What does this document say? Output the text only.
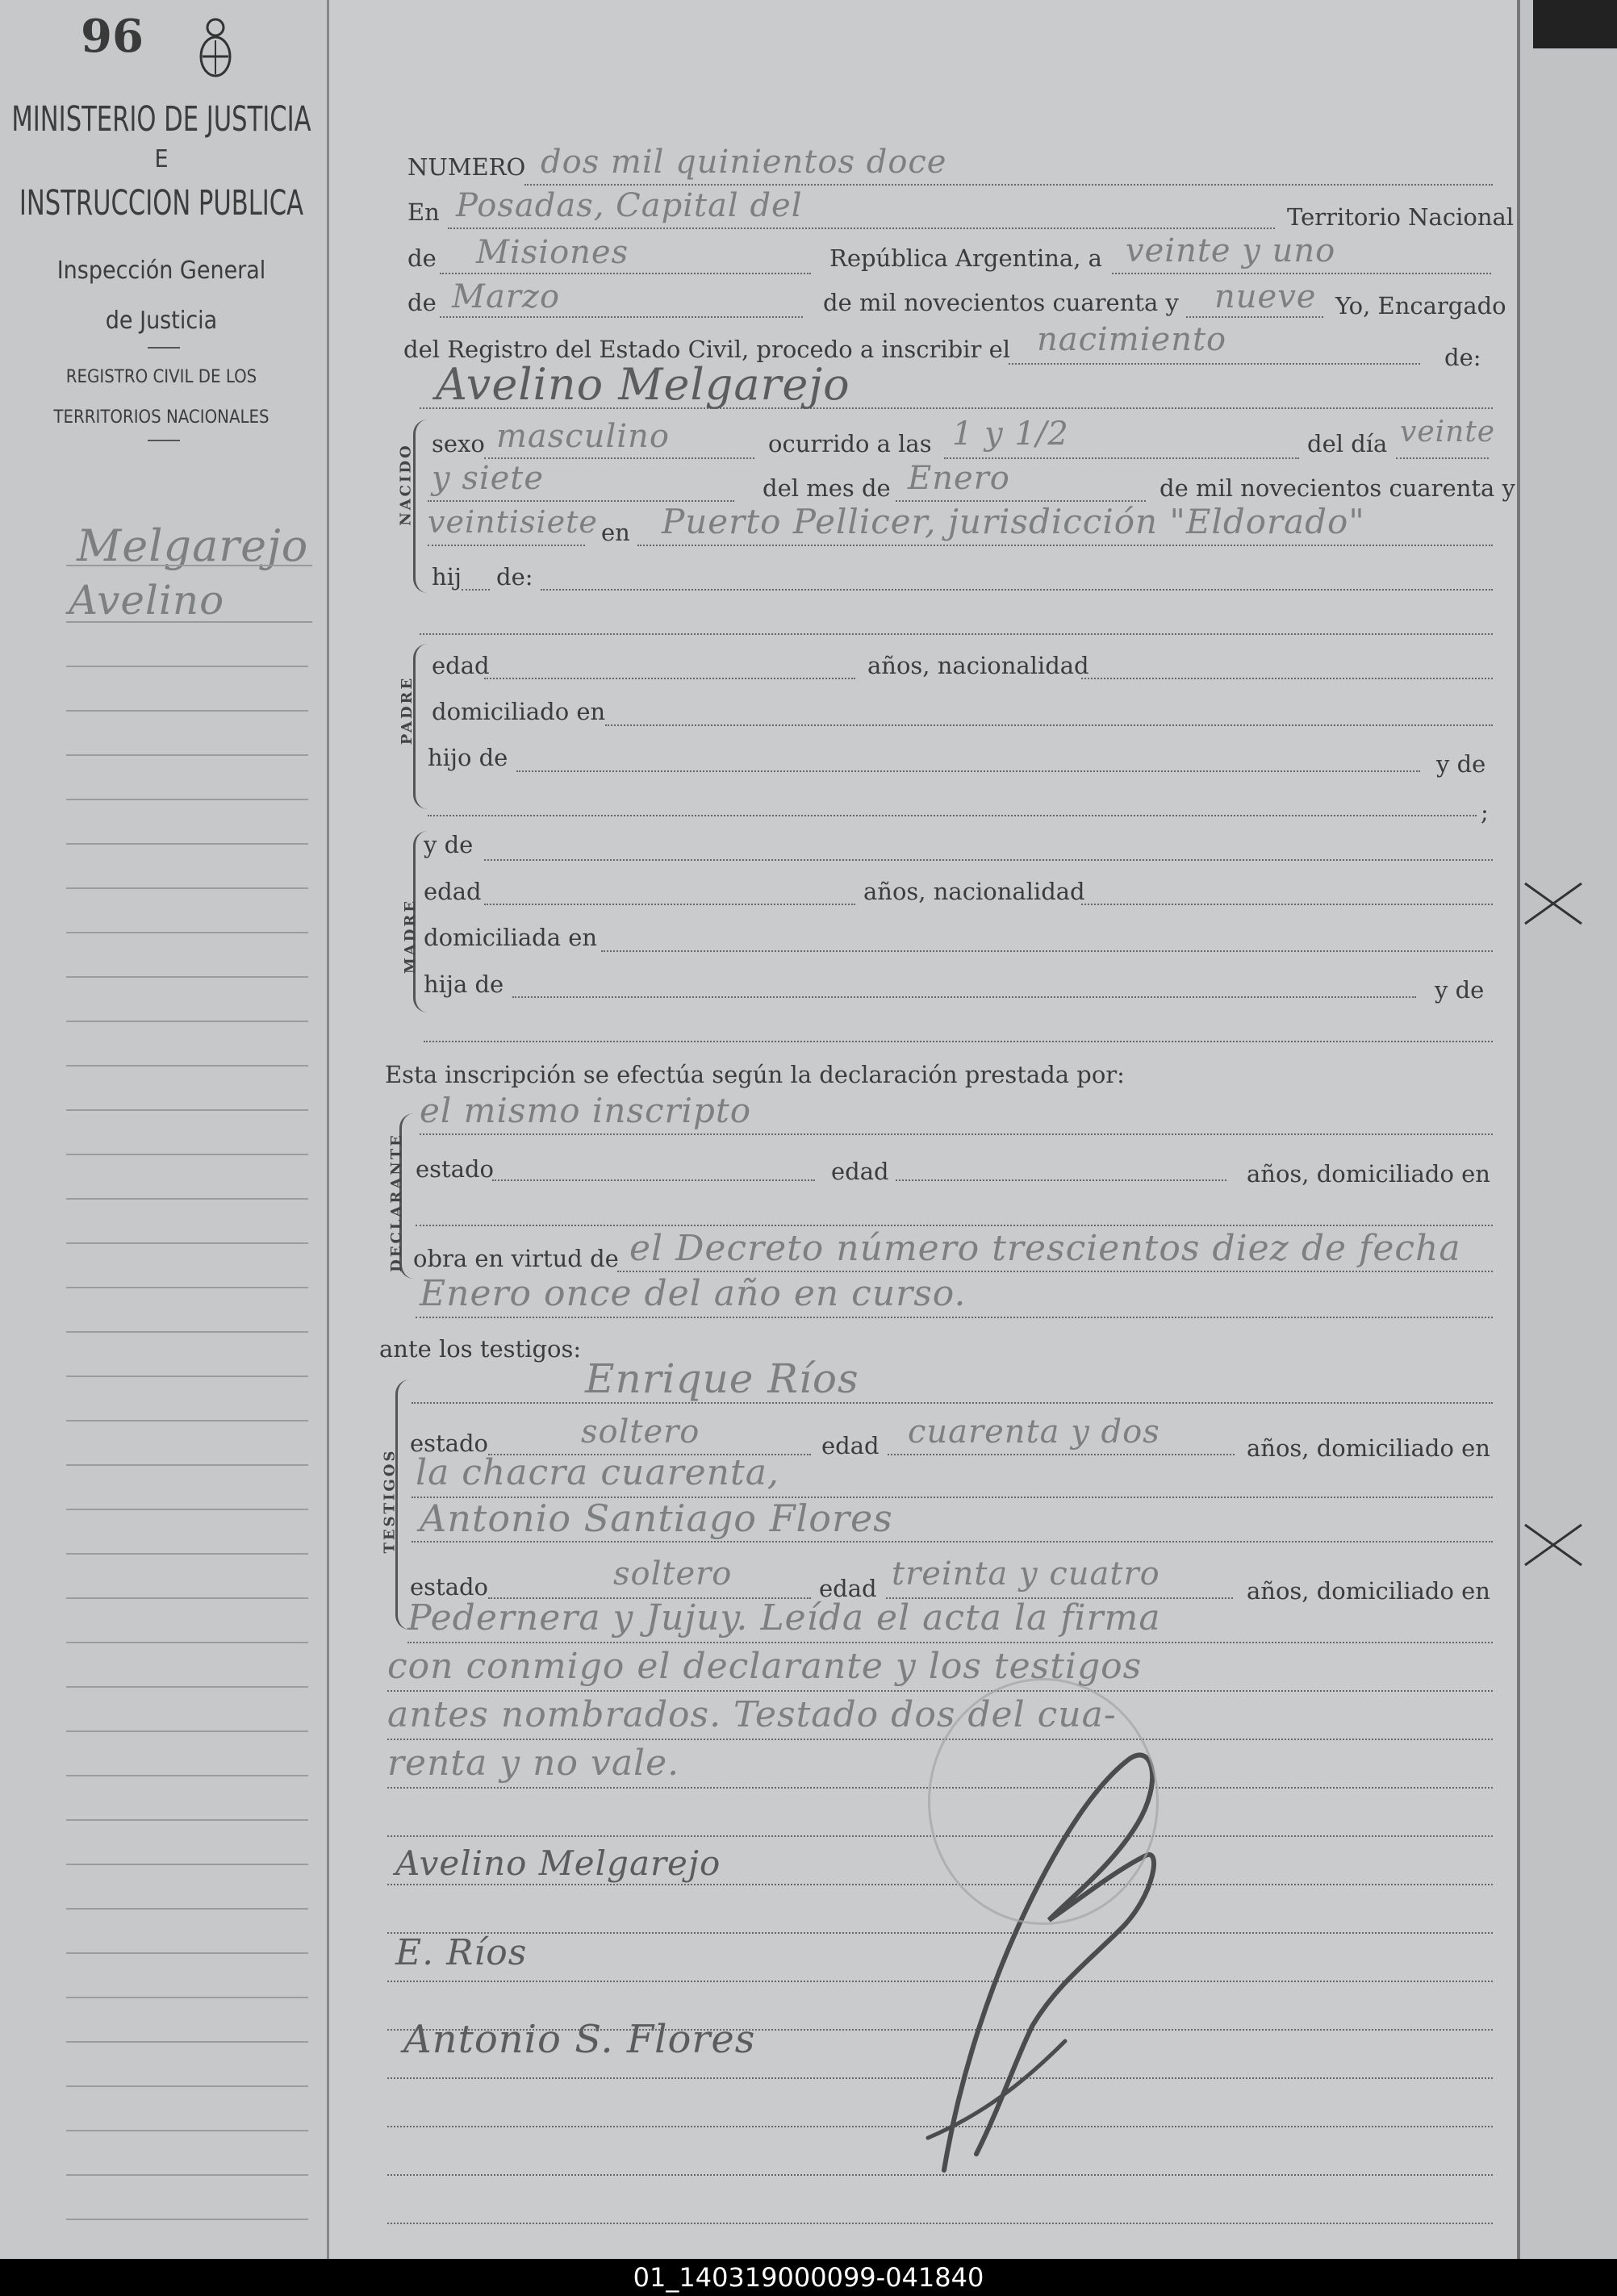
96
MINISTERIO DE JUSTICIA
E
INSTRUCCION PUBLICA
Inspección General
de Justicia
REGISTRO CIVIL DE LOS
TERRITORIOS NACIONALES
Melgarejo
Avelino
NUMERO dos mil quinientos doce
En Posadas, Capital del	Territorio Nacional
de Misiones	República Argentina, a veinte y uno
de Marzo	de mil novecientos cuarenta y nueve Yo, Encargado
del Registro del Estado Civil, procedo a inscribir el nacimiento	de:
Avelino Melgarejo
NACIDO sexo masculino	ocurrido a las 1 y 1/2	del día veinte
y siete	del mes de Enero	de mil novecientos cuarenta y
veintisiete en Puerto Pellicer, jurisdicción "Eldorado"
hij de:
PADRE
edad	años, nacionalidad
domiciliado en
hijo de	y de
;
MADRE
y de
edad	años, nacionalidad
domiciliada en
hija de	y de
Esta inscripción se efectúa según la declaración prestada por:
el mismo inscripto
DECLARANTE estado	edad	años, domiciliado en
obra en virtud de el Decreto número trescientos diez de fecha
Enero once del año en curso.
ante los testigos:
Enrique Ríos
TESTIGOS
estado	soltero	edad cuarenta y dos	años, domiciliado en
la chacra cuarenta,
Antonio Santiago Flores
estado	soltero	edad treinta y cuatro	años, domiciliado en
Pedernera y Jujuy. Leída el acta la firma
con conmigo el declarante y los testigos
antes nombrados. Testado dos del cua-
renta y no vale.
Avelino Melgarejo
E. Ríos
Antonio S. Flores
01_140319000099-041840
